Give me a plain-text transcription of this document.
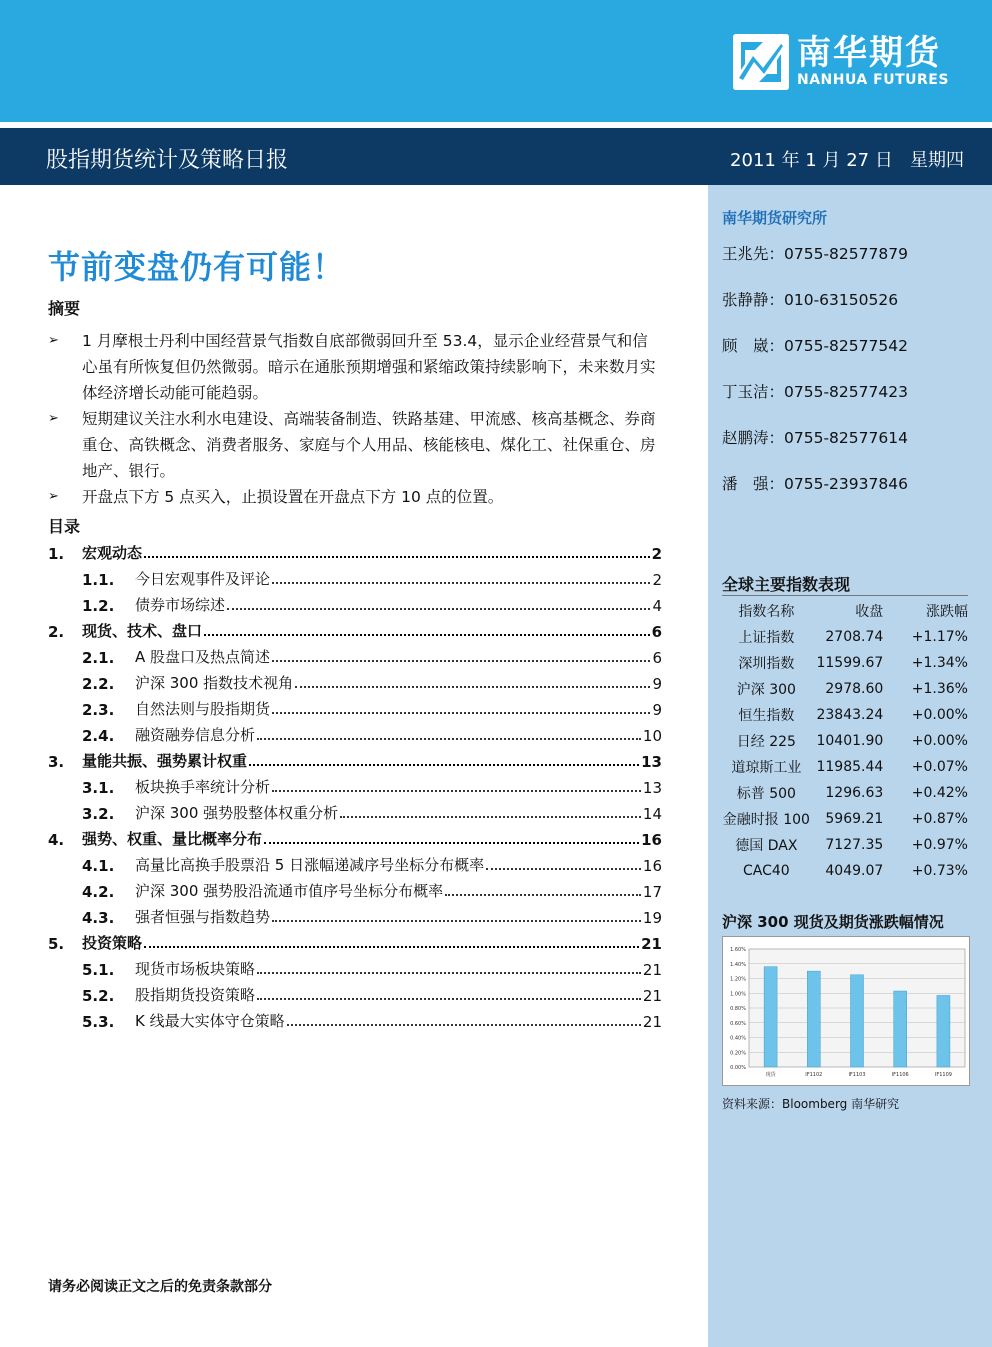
南华期货
NANHUA FUTURES
股指期货统计及策略日报	2011 年 1 月 27 日 星期四
节前变盘仍有可能！
摘要
➢	1 月摩根士丹利中国经营景气指数自底部微弱回升至 53.4，显示企业经营景气和信心虽有所恢复但仍然微弱。暗示在通胀预期增强和紧缩政策持续影响下，未来数月实体经济增长动能可能趋弱。
➢	短期建议关注水利水电建设、高端装备制造、铁路基建、甲流感、核高基概念、券商重仓、高铁概念、消费者服务、家庭与个人用品、核能核电、煤化工、社保重仓、房地产、银行。
➢	开盘点下方 5 点买入，止损设置在开盘点下方 10 点的位置。
目录
1.	宏观动态	2
1.1.	今日宏观事件及评论	2
1.2.	债券市场综述	4
2.	现货、技术、盘口	6
2.1.	A 股盘口及热点简述	6
2.2.	沪深 300 指数技术视角	9
2.3.	自然法则与股指期货	9
2.4.	融资融券信息分析	10
3.	量能共振、强势累计权重	13
3.1.	板块换手率统计分析	13
3.2.	沪深 300 强势股整体权重分析	14
4.	强势、权重、量比概率分布	16
4.1.	高量比高换手股票沿 5 日涨幅递减序号坐标分布概率	16
4.2.	沪深 300 强势股沿流通市值序号坐标分布概率	17
4.3.	强者恒强与指数趋势	19
5.	投资策略	21
5.1.	现货市场板块策略	21
5.2.	股指期货投资策略	21
5.3.	K 线最大实体守仓策略	21
请务必阅读正文之后的免责条款部分
南华期货研究所
王兆先：0755-82577879
张静静：010-63150526
顾　崴：0755-82577542
丁玉洁：0755-82577423
赵鹏涛：0755-82577614
潘　强：0755-23937846
全球主要指数表现
指数名称	收盘	涨跌幅
上证指数	2708.74	+1.17%
深圳指数	11599.67	+1.34%
沪深 300	2978.60	+1.36%
恒生指数	23843.24	+0.00%
日经 225	10401.90	+0.00%
道琼斯工业	11985.44	+0.07%
标普 500	1296.63	+0.42%
金融时报 100	5969.21	+0.87%
德国 DAX	7127.35	+0.97%
CAC40	4049.07	+0.73%
沪深 300 现货及期货涨跌幅情况
0.00%
0.20%
0.40%
0.60%
0.80%
1.00%
1.20%
1.40%
1.60%
现货	IF1102	IF1103	IF1106	IF1109
资料来源：Bloomberg 南华研究
